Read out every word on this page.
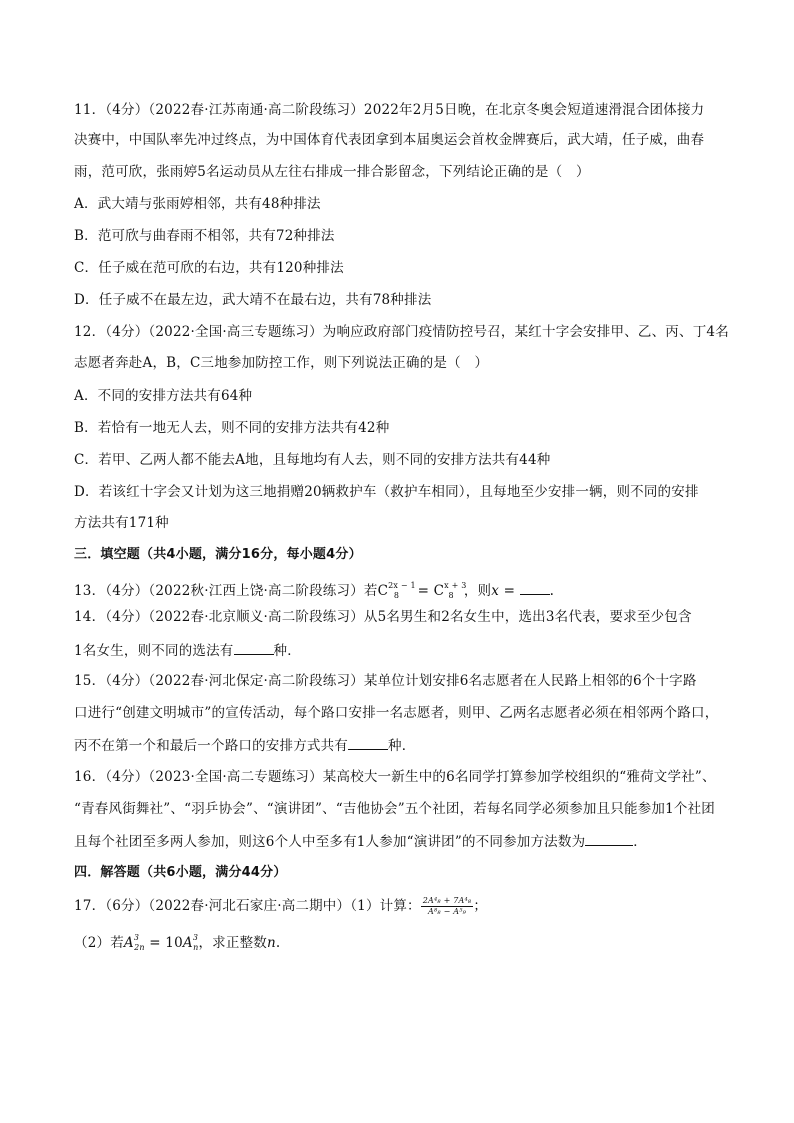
11．（4分）（2022春·江苏南通·高二阶段练习）2022年2月5日晚，在北京冬奥会短道速滑混合团体接力
决赛中，中国队率先冲过终点，为中国体育代表团拿到本届奥运会首枚金牌赛后，武大靖，任子威，曲春
雨，范可欣，张雨婷5名运动员从左往右排成一排合影留念，下列结论正确的是（　）
A．武大靖与张雨婷相邻，共有48种排法
B．范可欣与曲春雨不相邻，共有72种排法
C．任子威在范可欣的右边，共有120种排法
D．任子威不在最左边，武大靖不在最右边，共有78种排法
12．（4分）（2022·全国·高三专题练习）为响应政府部门疫情防控号召，某红十字会安排甲、乙、丙、丁4名
志愿者奔赴A，B，C三地参加防控工作，则下列说法正确的是（　）
A．不同的安排方法共有64种
B．若恰有一地无人去，则不同的安排方法共有42种
C．若甲、乙两人都不能去A地，且每地均有人去，则不同的安排方法共有44种
D．若该红十字会又计划为这三地捐赠20辆救护车（救护车相同），且每地至少安排一辆，则不同的安排
方法共有171种
三．填空题（共4小题，满分16分，每小题4分）
13．（4分）（2022秋·江西上饶·高二阶段练习）若$C^{2x - 1}_8 = C^{x + 3}_8$ ，则x = .
14．（4分）（2022春·北京顺义·高二阶段练习）从5名男生和2名女生中，选出3名代表，要求至少包含
1名女生，则不同的选法有	种．
15．（4分）（2022春·河北保定·高二阶段练习）某单位计划安排6名志愿者在人民路上相邻的6个十字路
口进行“创建文明城市”的宣传活动，每个路口安排一名志愿者，则甲、乙两名志愿者必须在相邻两个路口，
丙不在第一个和最后一个路口的安排方式共有	种．
16．（4分）（2023·全国·高二专题练习）某高校大一新生中的6名同学打算参加学校组织的“雅荷文学社”、
“青春风街舞社”、“羽乒协会”、“演讲团”、“吉他协会”五个社团，若每名同学必须参加且只能参加1个社团
且每个社团至多两人参加，则这6个人中至多有1人参加“演讲团”的不同参加方法数为	．
四．解答题（共6小题，满分44分）
17．（6分）（2022春·河北石家庄·高二期中）（1）计算： $\frac{\text{2A⁴₈ + 7A⁴₈}}{\text{A⁸₈ − A⁵₉}}$ ；
（2）若$A^3_{2n} = 10A^3_n$，求正整数n.
